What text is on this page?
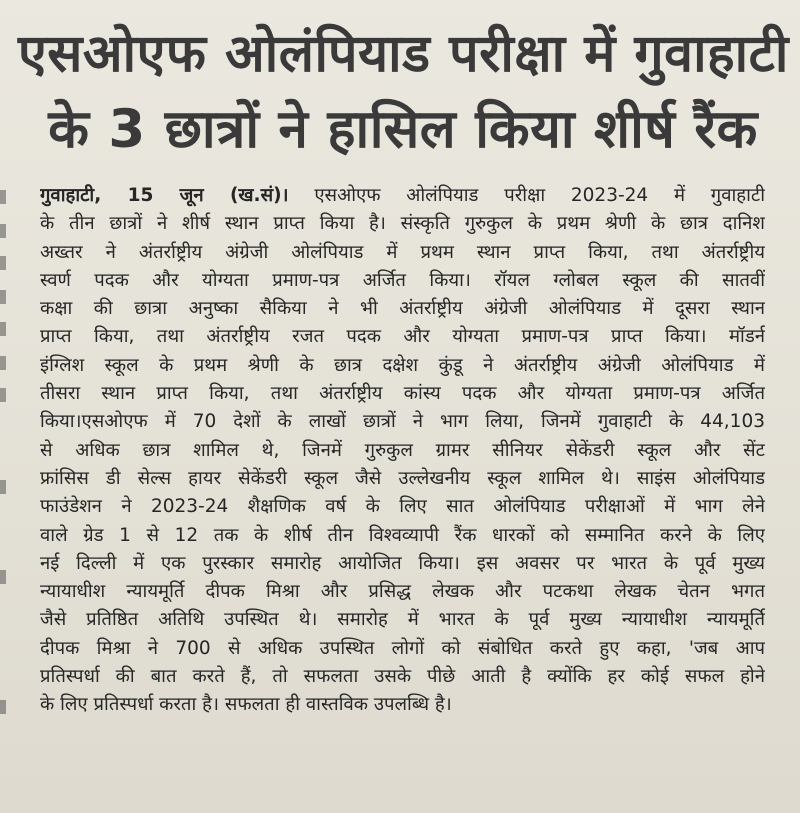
एसओएफ ओलंपियाड परीक्षा में गुवाहाटी
के 3 छात्रों ने हासिल किया शीर्ष रैंक
गुवाहाटी, 15 जून (ख.सं)। एसओएफ ओलंपियाड परीक्षा 2023-24 में गुवाहाटी
के तीन छात्रों ने शीर्ष स्थान प्राप्त किया है। संस्कृति गुरुकुल के प्रथम श्रेणी के छात्र दानिश
अख्तर ने अंतर्राष्ट्रीय अंग्रेजी ओलंपियाड में प्रथम स्थान प्राप्त किया, तथा अंतर्राष्ट्रीय
स्वर्ण पदक और योग्यता प्रमाण-पत्र अर्जित किया। रॉयल ग्लोबल स्कूल की सातवीं
कक्षा की छात्रा अनुष्का सैकिया ने भी अंतर्राष्ट्रीय अंग्रेजी ओलंपियाड में दूसरा स्थान
प्राप्त किया, तथा अंतर्राष्ट्रीय रजत पदक और योग्यता प्रमाण-पत्र प्राप्त किया। मॉडर्न
इंग्लिश स्कूल के प्रथम श्रेणी के छात्र दक्षेश कुंडू ने अंतर्राष्ट्रीय अंग्रेजी ओलंपियाड में
तीसरा स्थान प्राप्त किया, तथा अंतर्राष्ट्रीय कांस्य पदक और योग्यता प्रमाण-पत्र अर्जित
किया।एसओएफ में 70 देशों के लाखों छात्रों ने भाग लिया, जिनमें गुवाहाटी के 44,103
से अधिक छात्र शामिल थे, जिनमें गुरुकुल ग्रामर सीनियर सेकेंडरी स्कूल और सेंट
फ्रांसिस डी सेल्स हायर सेकेंडरी स्कूल जैसे उल्लेखनीय स्कूल शामिल थे। साइंस ओलंपियाड
फाउंडेशन ने 2023-24 शैक्षणिक वर्ष के लिए सात ओलंपियाड परीक्षाओं में भाग लेने
वाले ग्रेड 1 से 12 तक के शीर्ष तीन विश्वव्यापी रैंक धारकों को सम्मानित करने के लिए
नई दिल्ली में एक पुरस्कार समारोह आयोजित किया। इस अवसर पर भारत के पूर्व मुख्य
न्यायाधीश न्यायमूर्ति दीपक मिश्रा और प्रसिद्ध लेखक और पटकथा लेखक चेतन भगत
जैसे प्रतिष्ठित अतिथि उपस्थित थे। समारोह में भारत के पूर्व मुख्य न्यायाधीश न्यायमूर्ति
दीपक मिश्रा ने 700 से अधिक उपस्थित लोगों को संबोधित करते हुए कहा, 'जब आप
प्रतिस्पर्धा की बात करते हैं, तो सफलता उसके पीछे आती है क्योंकि हर कोई सफल होने
के लिए प्रतिस्पर्धा करता है। सफलता ही वास्तविक उपलब्धि है।
